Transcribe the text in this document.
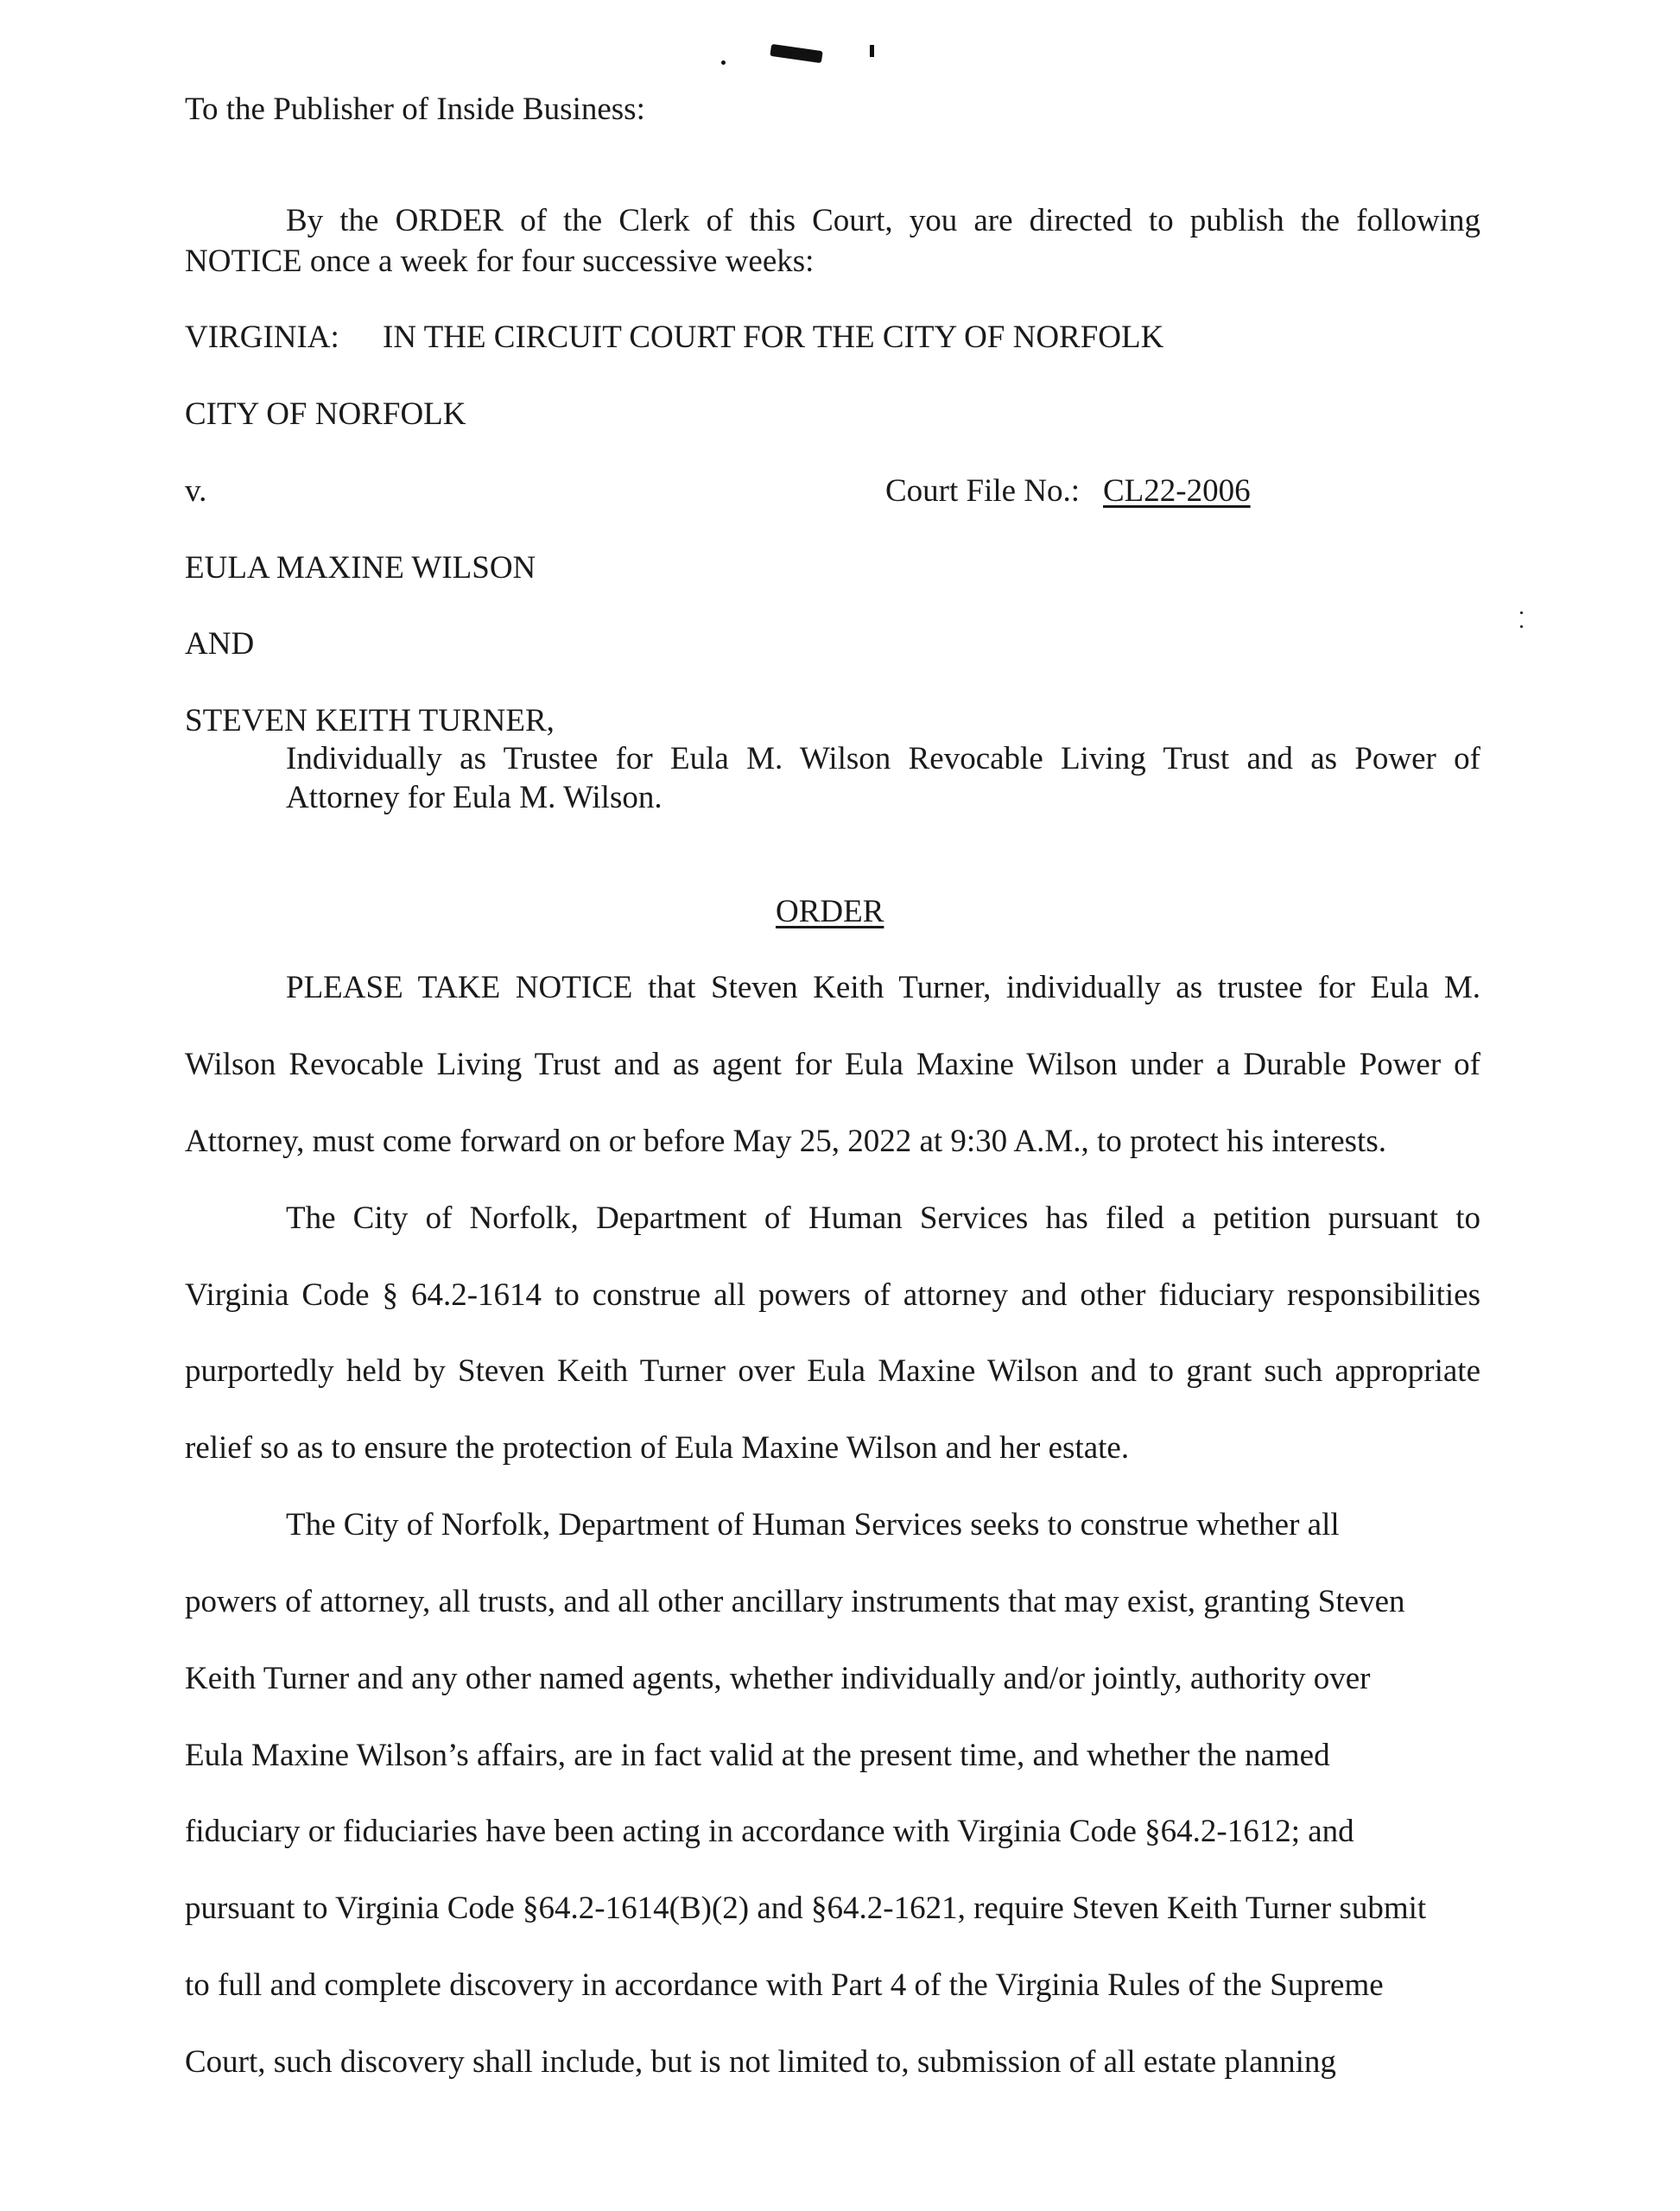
To the Publisher of Inside Business:
By the ORDER of the Clerk of this Court, you are directed to publish the following
NOTICE once a week for four successive weeks:
VIRGINIA: IN THE CIRCUIT COURT FOR THE CITY OF NORFOLK
CITY OF NORFOLK
v.	Court File No.: CL22-2006
EULA MAXINE WILSON
AND
STEVEN KEITH TURNER,
Individually as Trustee for Eula M. Wilson Revocable Living Trust and as Power of
Attorney for Eula M. Wilson.
ORDER
PLEASE TAKE NOTICE that Steven Keith Turner, individually as trustee for Eula M.
Wilson Revocable Living Trust and as agent for Eula Maxine Wilson under a Durable Power of
Attorney, must come forward on or before May 25, 2022 at 9:30 A.M., to protect his interests.
The City of Norfolk, Department of Human Services has filed a petition pursuant to
Virginia Code § 64.2-1614 to construe all powers of attorney and other fiduciary responsibilities
purportedly held by Steven Keith Turner over Eula Maxine Wilson and to grant such appropriate
relief so as to ensure the protection of Eula Maxine Wilson and her estate.
The City of Norfolk, Department of Human Services seeks to construe whether all
powers of attorney, all trusts, and all other ancillary instruments that may exist, granting Steven
Keith Turner and any other named agents, whether individually and/or jointly, authority over
Eula Maxine Wilson’s affairs, are in fact valid at the present time, and whether the named
fiduciary or fiduciaries have been acting in accordance with Virginia Code §64.2-1612; and
pursuant to Virginia Code §64.2-1614(B)(2) and §64.2-1621, require Steven Keith Turner submit
to full and complete discovery in accordance with Part 4 of the Virginia Rules of the Supreme
Court, such discovery shall include, but is not limited to, submission of all estate planning
